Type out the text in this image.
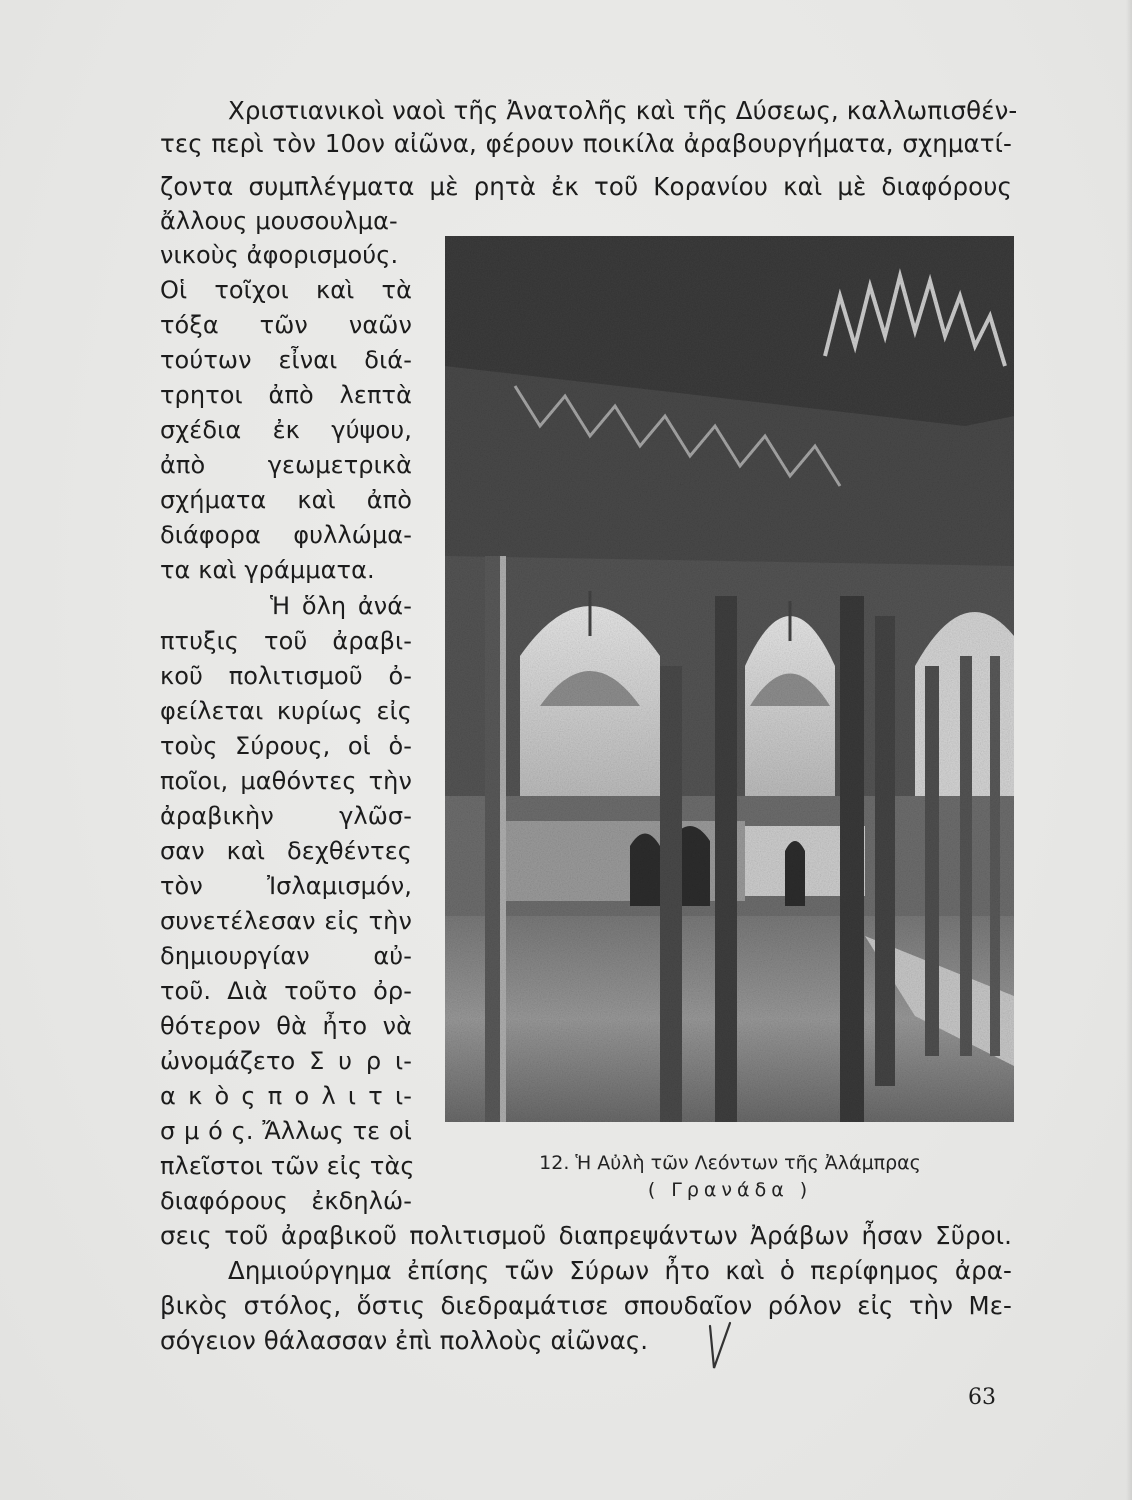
Χριστιανικοὶ ναοὶ τῆς Ἀνατολῆς καὶ τῆς Δύσεως, καλλωπισθέν-
τες περὶ τὸν 10ον αἰῶνα, φέρουν ποικίλα ἀραβουργήματα, σχηματί-
ζοντα συμπλέγματα μὲ ρητὰ ἐκ τοῦ Κορανίου καὶ μὲ διαφόρους
ἄλλους μουσουλμα-
νικοὺς ἀφορισμούς.
Οἱ τοῖχοι καὶ τὰ
τόξα τῶν ναῶν
τούτων εἶναι διά-
τρητοι ἀπὸ λεπτὰ
σχέδια ἐκ γύψου,
ἀπὸ γεωμετρικὰ
σχήματα καὶ ἀπὸ
διάφορα φυλλώμα-
τα καὶ γράμματα.
Ἡ ὅλη ἀνά-
πτυξις τοῦ ἀραβι-
κοῦ πολιτισμοῦ ὀ-
φείλεται κυρίως εἰς
τοὺς Σύρους, οἱ ὁ-
ποῖοι, μαθόντες τὴν
ἀραβικὴν γλῶσ-
σαν καὶ δεχθέντες
τὸν Ἰσλαμισμόν,
συνετέλεσαν εἰς τὴν
δημιουργίαν αὐ-
τοῦ. Διὰ τοῦτο ὀρ-
θότερον θὰ ἦτο νὰ
ὠνομάζετο Σ υ ρ ι-
α κ ὸ ς π ο λ ι τ ι-
σ μ ό ς. Ἄλλως τε οἱ
πλεῖστοι τῶν εἰς τὰς
διαφόρους ἐκδηλώ-
σεις τοῦ ἀραβικοῦ πολιτισμοῦ διαπρεψάντων Ἀράβων ἦσαν Σῦροι.
Δημιούργημα ἐπίσης τῶν Σύρων ἦτο καὶ ὁ περίφημος ἀρα-
βικὸς στόλος, ὅστις διεδραμάτισε σπουδαῖον ρόλον εἰς τὴν Με-
σόγειον θάλασσαν ἐπὶ πολλοὺς αἰῶνας.
12. Ἡ Αὐλὴ τῶν Λεόντων τῆς Ἀλάμπρας
( Γρανάδα )
63
